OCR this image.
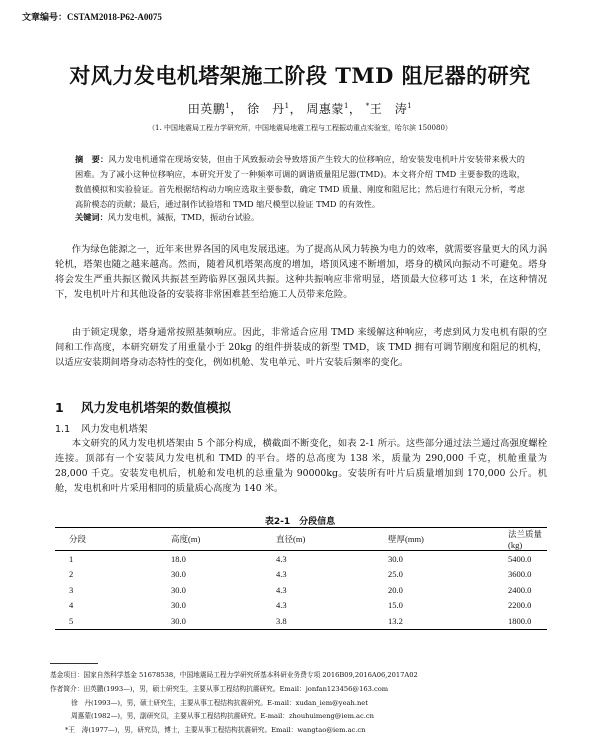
文章编号：CSTAM2018-P62-A0075
对风力发电机塔架施工阶段 TMD 阻尼器的研究
田英鹏$^1$， 徐　丹$^1$， 周惠蒙$^1$， *王　涛$^1$
（1. 中国地震局工程力学研究所，中国地震局地震工程与工程振动重点实验室，哈尔滨 150080）
摘　要：风力发电机通常在现场安装，但由于风致振动会导致塔顶产生较大的位移响应，给安装发电机叶片安装带来极大的困难。为了减小这种位移响应，本研究开发了一种频率可调的调谐质量阻尼器(TMD)。本文将介绍 TMD 主要参数的选取，数值模拟和实验验证。首先根据结构动力响应选取主要参数，确定 TMD 质量、刚度和阻尼比；然后进行有限元分析，考虑高阶模态的贡献；最后，通过制作试验塔和 TMD 缩尺模型以验证 TMD 的有效性。
关键词：风力发电机，減振，TMD，振动台试验。
作为绿色能源之一，近年来世界各国的风电发展迅速。为了提高从风力转换为电力的效率，就需要容量更大的风力涡轮机，塔架也随之越来越高。然而，随着风机塔架高度的增加，塔顶风速不断增加，塔身的横风向振动不可避免。塔身将会发生严重共振区微风共振甚至跨临界区强风共振。这种共振响应非常明显，塔顶最大位移可达 1 米，在这种情况下，发电机叶片和其他设备的安装将非常困难甚至给施工人员带来危险。
由于锁定现象，塔身通常按照基频响应。因此，非常适合应用 TMD 来缓解这种响应，考虑到风力发电机有限的空间和工作高度，本研究研发了用重量小于 20kg 的组件拼装成的新型 TMD，该 TMD 拥有可调节刚度和阻尼的机构，以适应安装期间塔身动态特性的变化，例如机舱、发电单元、叶片安装后频率的变化。
1 风力发电机塔架的数值模拟
1.1 风力发电机塔架
本文研究的风力发电机塔架由 5 个部分构成，横截面不断变化，如表 2-1 所示。这些部分通过法兰通过高强度螺栓连接。顶部有一个安装风力发电机和 TMD 的平台。塔的总高度为 138 米，质量为 290,000 千克，机舱重量为 28,000 千克。安装发电机后，机舱和发电机的总重量为 90000kg。安装所有叶片后质量增加到 170,000 公斤。机舱，发电机和叶片采用相同的质量质心高度为 140 米。
表2-1　分段信息
分段	高度(m)	直径(m)	壁厚(mm)	法兰质量(kg)
1	18.0	4.3	30.0	5400.0
2	30.0	4.3	25.0	3600.0
3	30.0	4.3	20.0	2400.0
4	30.0	4.3	15.0	2200.0
5	30.0	3.8	13.2	1800.0
基金项目：国家自然科学基金 51678538，中国地震局工程力学研究所基本科研业务费专项 2016B09,2016A06,2017A02
作者简介：田英鹏(1993—)，男，硕士研究生，主要从事工程结构抗震研究。Email：jonfan123456@163.com
徐　丹(1993—)，男，硕士研究生，主要从事工程结构抗震研究。E-mail：xudan_iem@yeah.net
周惠蒙(1982—)，男，副研究员，主要从事工程结构抗震研究。E-mail：zhouhuimeng@iem.ac.cn
*王　涛(1977—)，男，研究员，博士，主要从事工程结构抗震研究。Email：wangtao@iem.ac.cn
